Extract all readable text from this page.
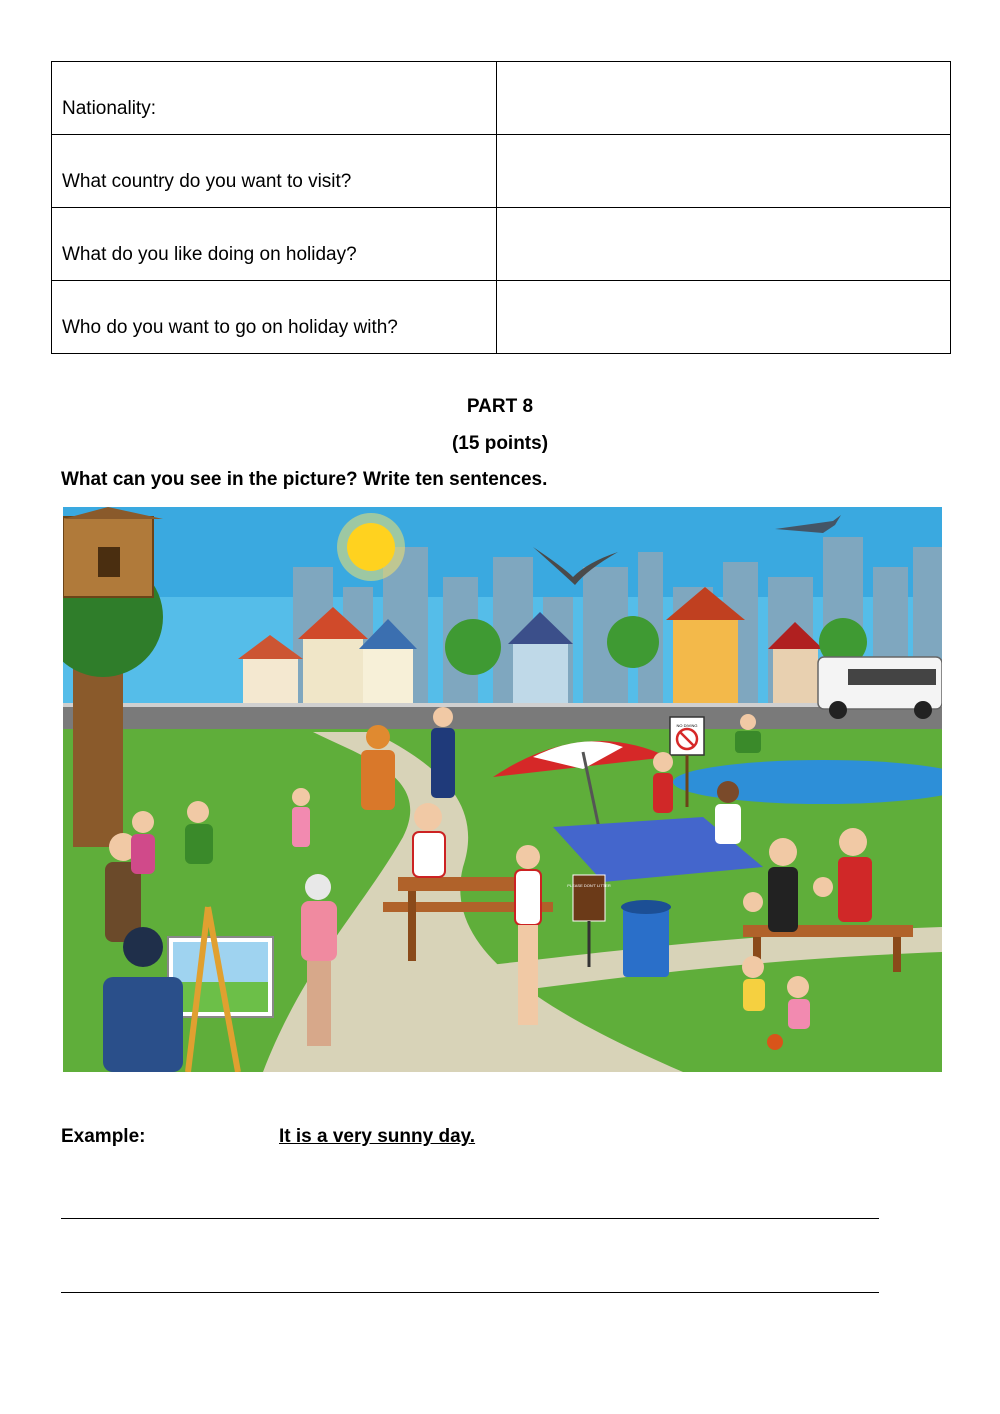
Nationality:	
What country do you want to visit?	
What do you like doing on holiday?	
Who do you want to go on holiday with?	
PART 8
(15 points)
What can you see in the picture? Write ten sentences.
NO DIVING
PLEASE DON'T LITTER
Example:	It is a very sunny day.
